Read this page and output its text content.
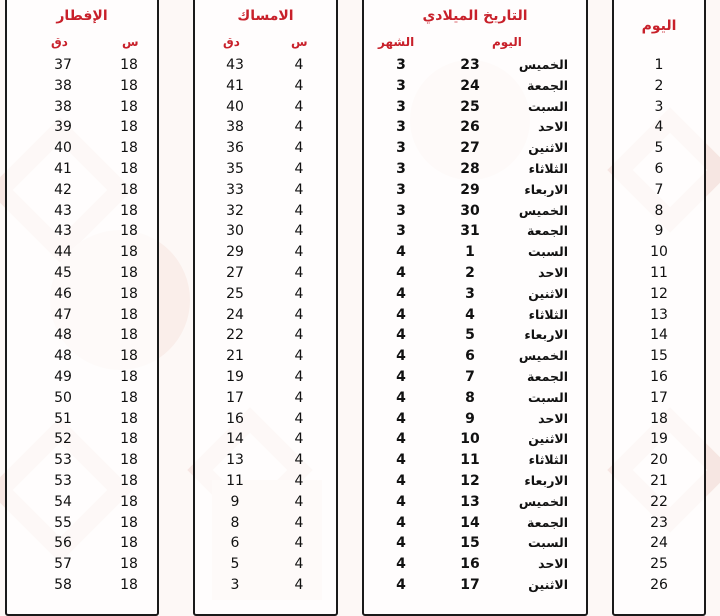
الإفطار
دق	س
37	18
38	18
38	18
39	18
40	18
41	18
42	18
43	18
43	18
44	18
45	18
46	18
47	18
48	18
48	18
49	18
50	18
51	18
52	18
53	18
53	18
54	18
55	18
56	18
57	18
58	18
الامساك
دق	س
43	4
41	4
40	4
38	4
36	4
35	4
33	4
32	4
30	4
29	4
27	4
25	4
24	4
22	4
21	4
19	4
17	4
16	4
14	4
13	4
11	4
9	4
8	4
6	4
5	4
3	4
التاريخ الميلادي
الشهر	اليوم
3	23	الخميس
3	24	الجمعة
3	25	السبت
3	26	الاحد
3	27	الاثنين
3	28	الثلاثاء
3	29	الاربعاء
3	30	الخميس
3	31	الجمعة
4	1	السبت
4	2	الاحد
4	3	الاثنين
4	4	الثلاثاء
4	5	الاربعاء
4	6	الخميس
4	7	الجمعة
4	8	السبت
4	9	الاحد
4	10	الاثنين
4	11	الثلاثاء
4	12	الاربعاء
4	13	الخميس
4	14	الجمعة
4	15	السبت
4	16	الاحد
4	17	الاثنين
اليوم
1
2
3
4
5
6
7
8
9
10
11
12
13
14
15
16
17
18
19
20
21
22
23
24
25
26
